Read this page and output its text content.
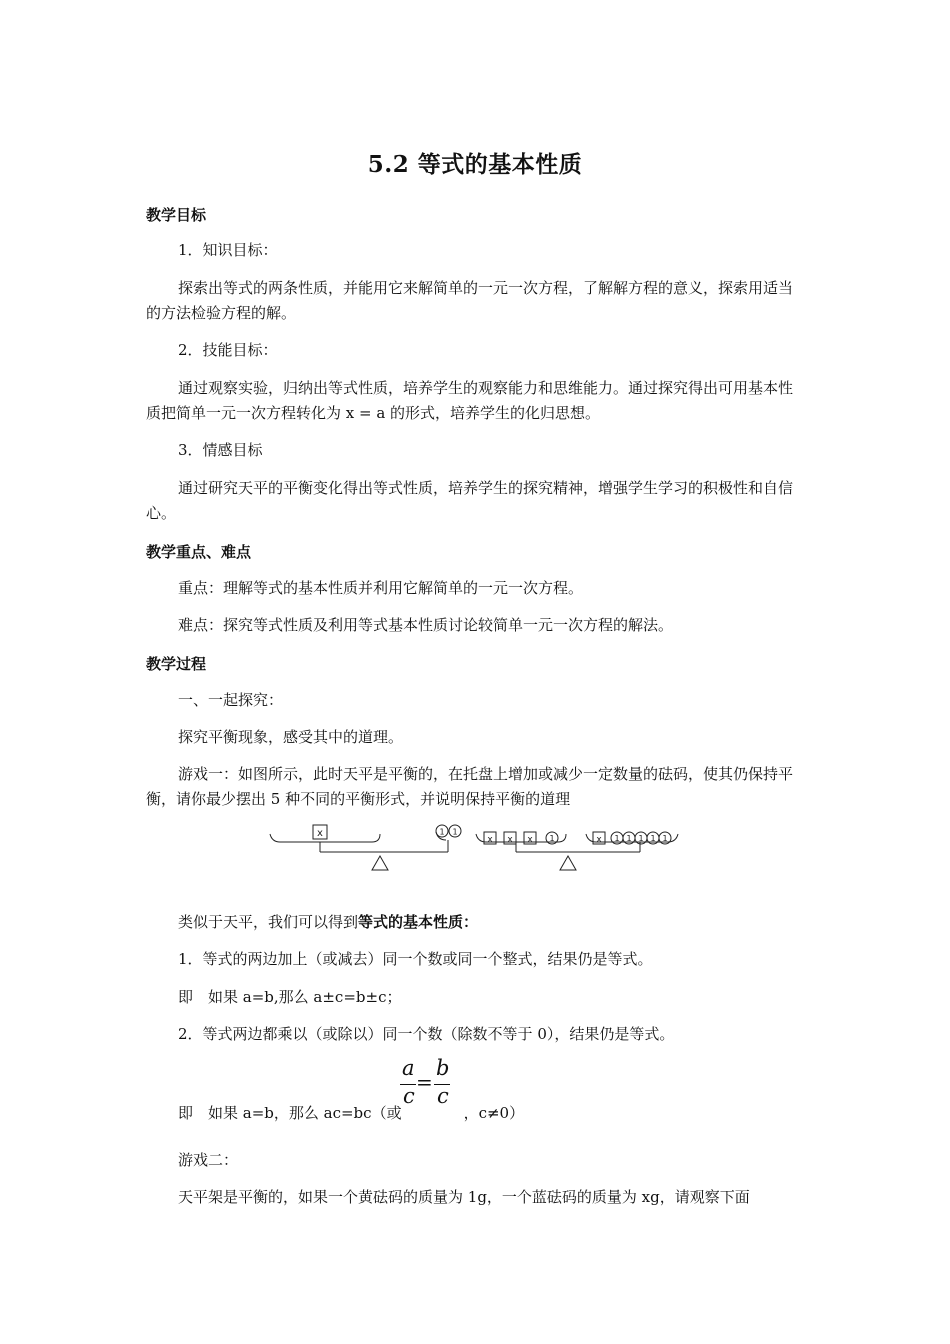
5.2 等式的基本性质
教学目标
1．知识目标：
探索出等式的两条性质，并能用它来解简单的一元一次方程，了解解方程的意义，探索用适当的方法检验方程的解。
2．技能目标：
通过观察实验，归纳出等式性质，培养学生的观察能力和思维能力。通过探究得出可用基本性质把简单一元一次方程转化为 x = a 的形式，培养学生的化归思想。
3．情感目标
通过研究天平的平衡变化得出等式性质，培养学生的探究精神，增强学生学习的积极性和自信心。
教学重点、难点
重点：理解等式的基本性质并利用它解简单的一元一次方程。
难点：探究等式性质及利用等式基本性质讨论较简单一元一次方程的解法。
教学过程
一、一起探究：
探究平衡现象，感受其中的道理。
游戏一：如图所示，此时天平是平衡的，在托盘上增加或减少一定数量的砝码，使其仍保持平衡，请你最少摆出 5 种不同的平衡形式，并说明保持平衡的道理
x	1 1
x x x 1	x 1 1 1 1 1
类似于天平，我们可以得到等式的基本性质：
1．等式的两边加上（或减去）同一个数或同一个整式，结果仍是等式。
即　如果 a=b,那么 a±c=b±c；
2．等式两边都乘以（或除以）同一个数（除数不等于 0），结果仍是等式。
a
c
=
b
c
即　如果 a=b，那么 ac=bc（或	，c≠0）
游戏二：
天平架是平衡的，如果一个黄砝码的质量为 1g，一个蓝砝码的质量为 xg，请观察下面
